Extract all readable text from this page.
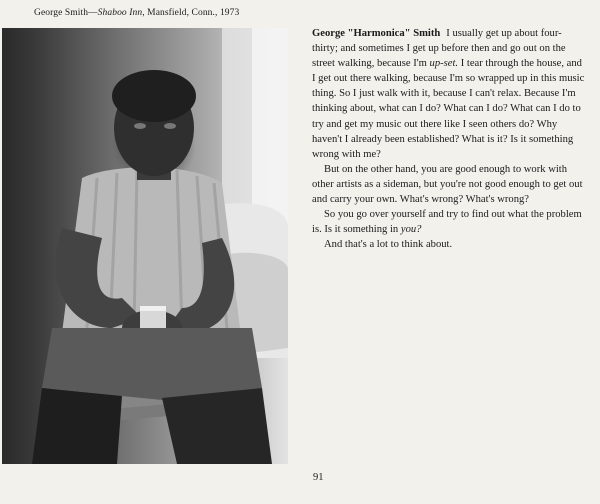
George Smith—Shaboo Inn, Mansfield, Conn., 1973

George "Harmonica" Smith I usually get up about four-thirty; and sometimes I get up before then and go out on the street walking, because I'm up-set. I tear through the house, and I get out there walking, because I'm so wrapped up in this music thing. So I just walk with it, because I can't relax. Because I'm thinking about, what can I do? What can I do? What can I do to try and get my music out there like I seen others do? Why haven't I already been established? What is it? Is it something wrong with me?

But on the other hand, you are good enough to work with other artists as a sideman, but you're not good enough to get out and carry your own. What's wrong? What's wrong?

So you go over yourself and try to find out what the problem is. Is it something in you?

And that's a lot to think about.

91
